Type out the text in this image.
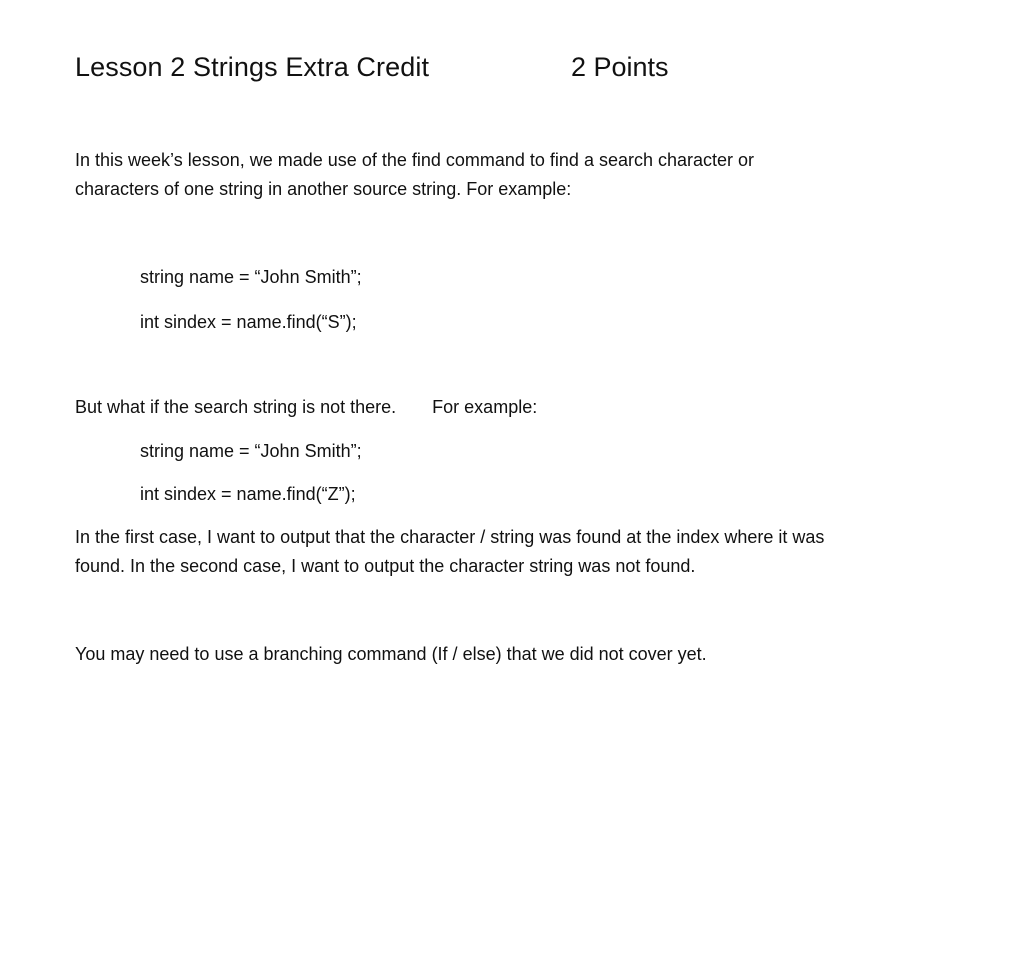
Lesson 2 Strings Extra Credit	2 Points
In this week’s lesson, we made use of the find command to find a search character or
characters of one string in another source string. For example:
string name = “John Smith”;
int sindex = name.find(“S”);
But what if the search string is not there. For example:
string name = “John Smith”;
int sindex = name.find(“Z”);
In the first case, I want to output that the character / string was found at the index where it was
found. In the second case, I want to output the character string was not found.
You may need to use a branching command (If / else) that we did not cover yet.
